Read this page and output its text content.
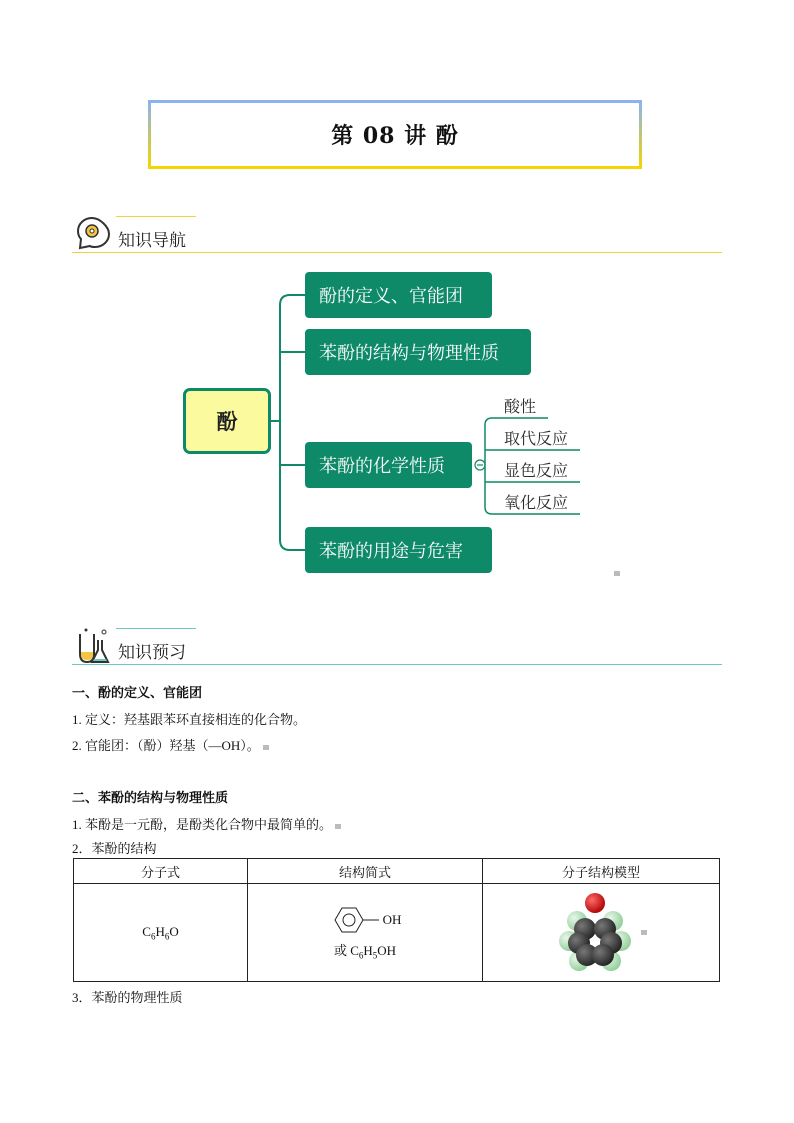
第 08 讲 酚
知识导航
酚
酚的定义、官能团
苯酚的结构与物理性质
苯酚的化学性质
苯酚的用途与危害
酸性
取代反应
显色反应
氧化反应
知识预习
一、酚的定义、官能团
1. 定义：羟基跟苯环直接相连的化合物。
2. 官能团：（酚）羟基（—OH）。
二、苯酚的结构与物理性质
1. 苯酚是一元酚，是酚类化合物中最简单的。
2．苯酚的结构
分子式	结构简式	分子结构模型
$C_6H_6O$	OH
或 $C_6H_5OH$

3．苯酚的物理性质
